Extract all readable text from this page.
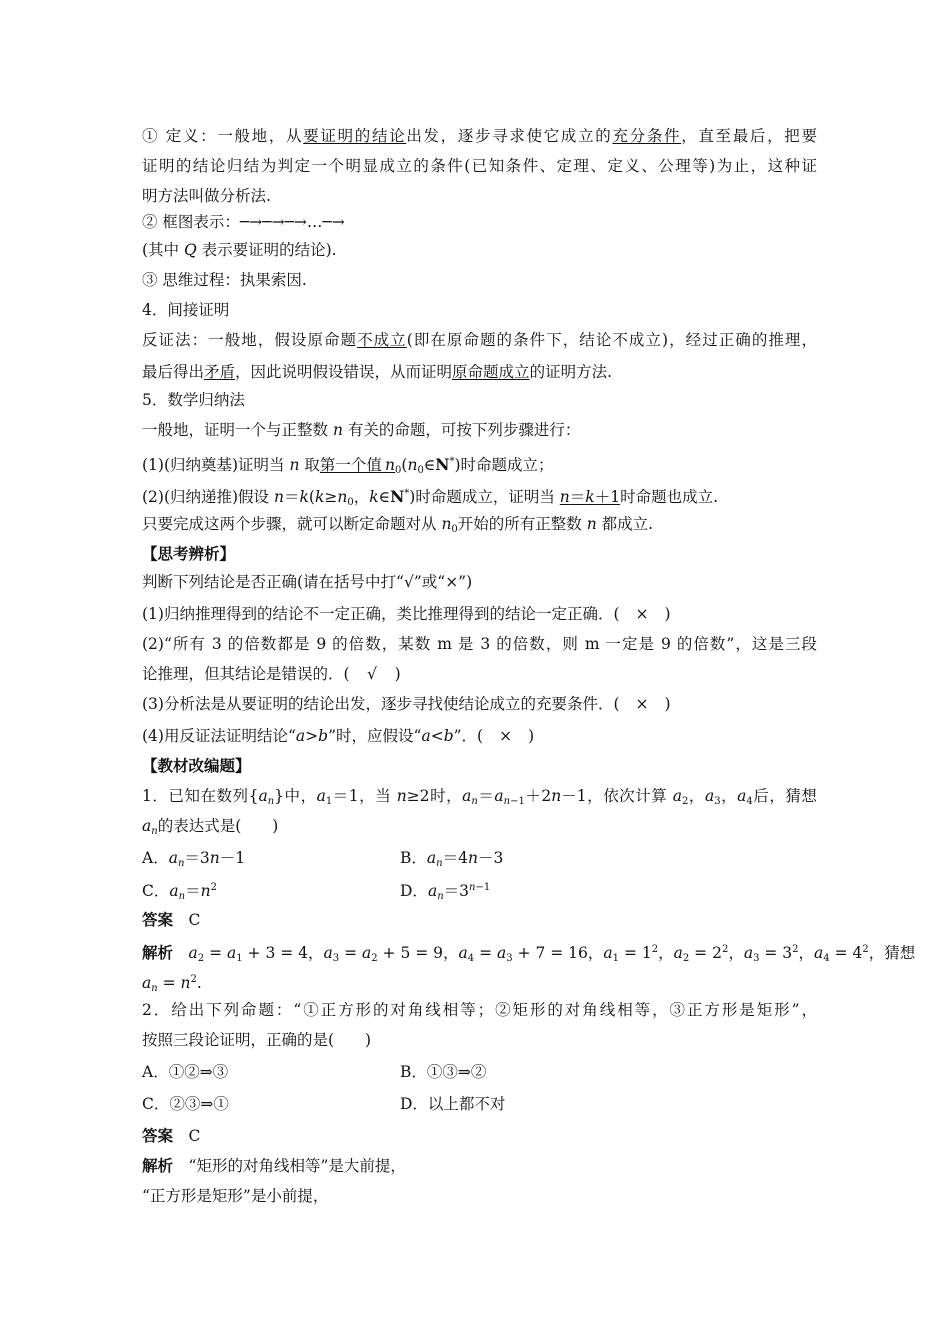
① 定义：一般地，从要证明的结论出发，逐步寻求使它成立的充分条件，直至最后，把要
证明的结论归结为判定一个明显成立的条件(已知条件、定理、定义、公理等)为止，这种证
明方法叫做分析法.
② 框图表示：─→─→─→…─→
(其中 Q 表示要证明的结论).
③ 思维过程：执果索因.
4．间接证明
反证法：一般地，假设原命题不成立(即在原命题的条件下，结论不成立)，经过正确的推理，
最后得出矛盾，因此说明假设错误，从而证明原命题成立的证明方法.
5．数学归纳法
一般地，证明一个与正整数 n 有关的命题，可按下列步骤进行：
(1)(归纳奠基)证明当 n 取第一个值  $n_0(n_0\in N^*)$时命题成立；
(2)(归纳递推)假设 $n=k(k\ge n_0$，k∈N*)时命题成立，证明当 n＝k＋1时命题也成立.
只要完成这两个步骤，就可以断定命题对从 $n_0$开始的所有正整数 n 都成立.
【思考辨析】
判断下列结论是否正确(请在括号中打“√”或“×”)
(1)归纳推理得到的结论不一定正确，类比推理得到的结论一定正确．(  ×  )
(2)“所有 3 的倍数都是 9 的倍数，某数 m 是 3 的倍数，则 m 一定是 9 的倍数”，这是三段
论推理，但其结论是错误的．(  √  )
(3)分析法是从要证明的结论出发，逐步寻找使结论成立的充要条件．(  ×  )
(4)用反证法证明结论“a>b”时，应假设“a<b”．(  ×  )
【教材改编题】
1．已知在数列$\{a_n\}$中，$a_1=1$，当 n≥2时，$a_n=a_{n-1}+2n-1$，依次计算 $a_2$，$a_3$，$a_4$后，猜想
$a_n$的表达式是(　　)
A．$a_n=3n-1$	B．$a_n=4n-3$
C．$a_n=n^2$	D．$a_n=3^{n-1}$
答案  C
解析  $a_2 = a_1 + 3 = 4$，$a_3 = a_2 + 5 = 9$，$a_4 = a_3 + 7 = 16$，$a_1 = 1^2$，$a_2 = 2^2$，$a_3 = 3^2$，$a_4 = 4^2$，猜想
$a_n = n^2$.
2．给出下列命题：“①正方形的对角线相等；②矩形的对角线相等，③正方形是矩形”，
按照三段论证明，正确的是(　　)
A．①②⇒③	B．①③⇒②
C．②③⇒①	D．以上都不对
答案  C
解析  “矩形的对角线相等”是大前提，
“正方形是矩形”是小前提，
